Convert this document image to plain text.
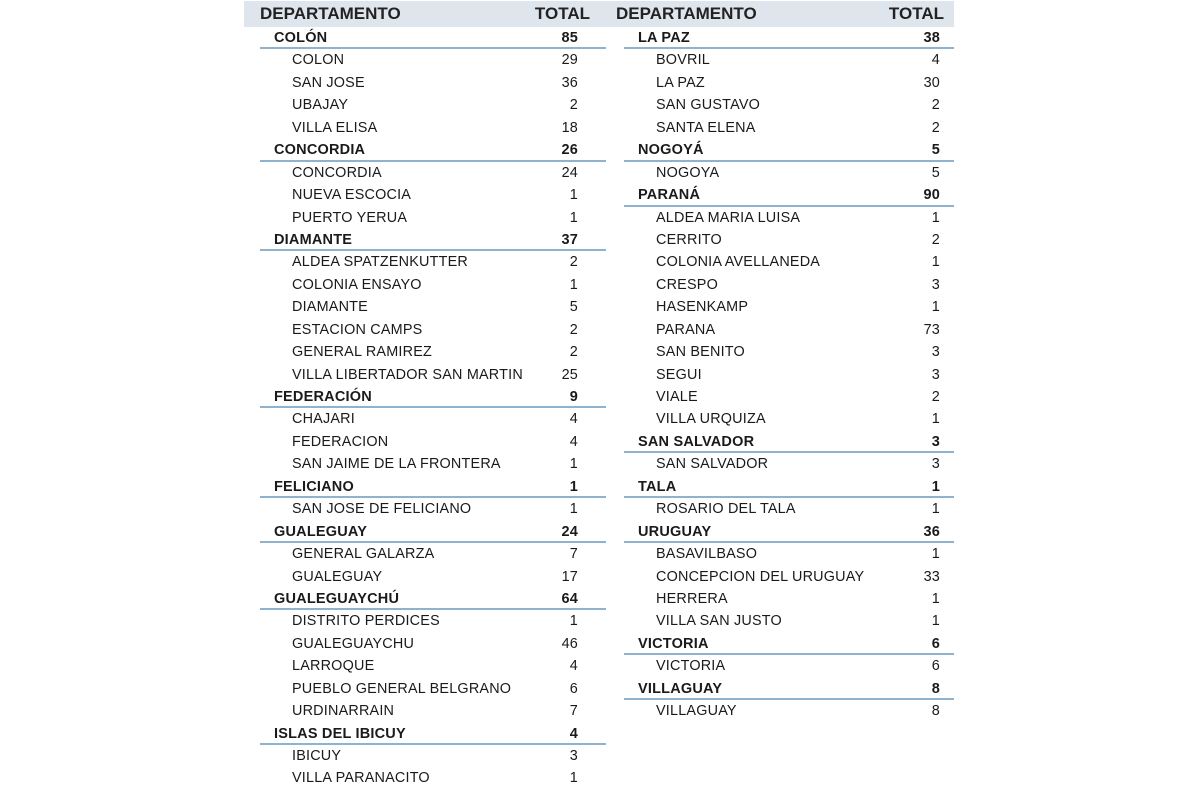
DEPARTAMENTO	TOTAL DEPARTAMENTO	TOTAL
COLÓN	85
COLON	29
SAN JOSE	36
UBAJAY	2
VILLA ELISA	18
CONCORDIA	26
CONCORDIA	24
NUEVA ESCOCIA	1
PUERTO YERUA	1
DIAMANTE	37
ALDEA SPATZENKUTTER	2
COLONIA ENSAYO	1
DIAMANTE	5
ESTACION CAMPS	2
GENERAL RAMIREZ	2
VILLA LIBERTADOR SAN MARTIN	25
FEDERACIÓN	9
CHAJARI	4
FEDERACION	4
SAN JAIME DE LA FRONTERA	1
FELICIANO	1
SAN JOSE DE FELICIANO	1
GUALEGUAY	24
GENERAL GALARZA	7
GUALEGUAY	17
GUALEGUAYCHÚ	64
DISTRITO PERDICES	1
GUALEGUAYCHU	46
LARROQUE	4
PUEBLO GENERAL BELGRANO	6
URDINARRAIN	7
ISLAS DEL IBICUY	4
IBICUY	3
VILLA PARANACITO	1
LA PAZ	38
BOVRIL	4
LA PAZ	30
SAN GUSTAVO	2
SANTA ELENA	2
NOGOYÁ	5
NOGOYA	5
PARANÁ	90
ALDEA MARIA LUISA	1
CERRITO	2
COLONIA AVELLANEDA	1
CRESPO	3
HASENKAMP	1
PARANA	73
SAN BENITO	3
SEGUI	3
VIALE	2
VILLA URQUIZA	1
SAN SALVADOR	3
SAN SALVADOR	3
TALA	1
ROSARIO DEL TALA	1
URUGUAY	36
BASAVILBASO	1
CONCEPCION DEL URUGUAY	33
HERRERA	1
VILLA SAN JUSTO	1
VICTORIA	6
VICTORIA	6
VILLAGUAY	8
VILLAGUAY	8
